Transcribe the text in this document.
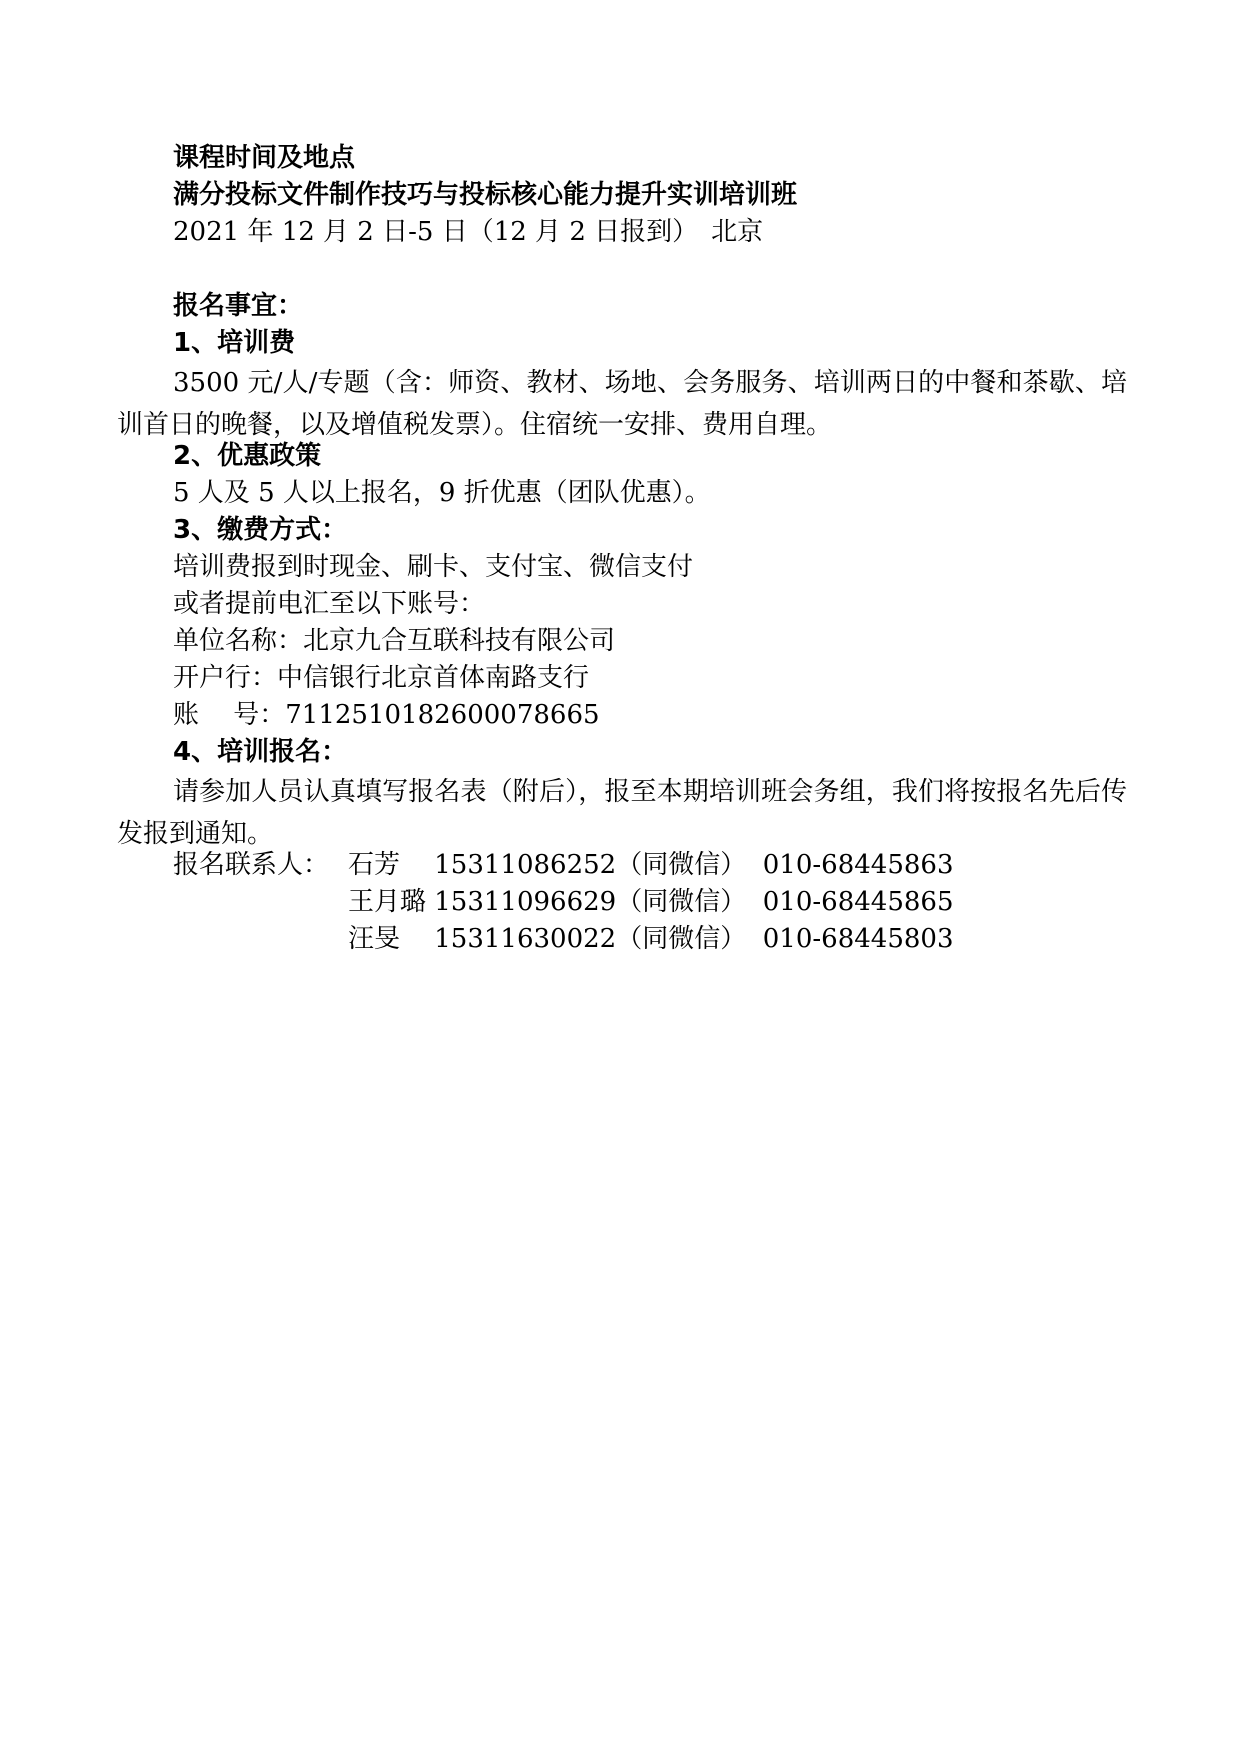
课程时间及地点
满分投标文件制作技巧与投标核心能力提升实训培训班
2021 年 12 月 2 日-5 日（12 月 2 日报到）　北京
报名事宜：
1、培训费
3500 元/人/专题（含：师资、教材、场地、会务服务、培训两日的中餐和茶歇、培训首日的晚餐，以及增值税发票）。住宿统一安排、费用自理。
2、优惠政策
5 人及 5 人以上报名，9 折优惠（团队优惠）。
3、缴费方式：
培训费报到时现金、刷卡、支付宝、微信支付
或者提前电汇至以下账号：
单位名称：北京九合互联科技有限公司
开户行：中信银行北京首体南路支行
账　 号：7112510182600078665
4、培训报名：
请参加人员认真填写报名表（附后），报至本期培训班会务组，我们将按报名先后传发报到通知。
报名联系人： 石芳　 15311086252（同微信）  010-68445863
王月璐 15311096629（同微信）  010-68445865
汪旻　 15311630022（同微信）  010-68445803
